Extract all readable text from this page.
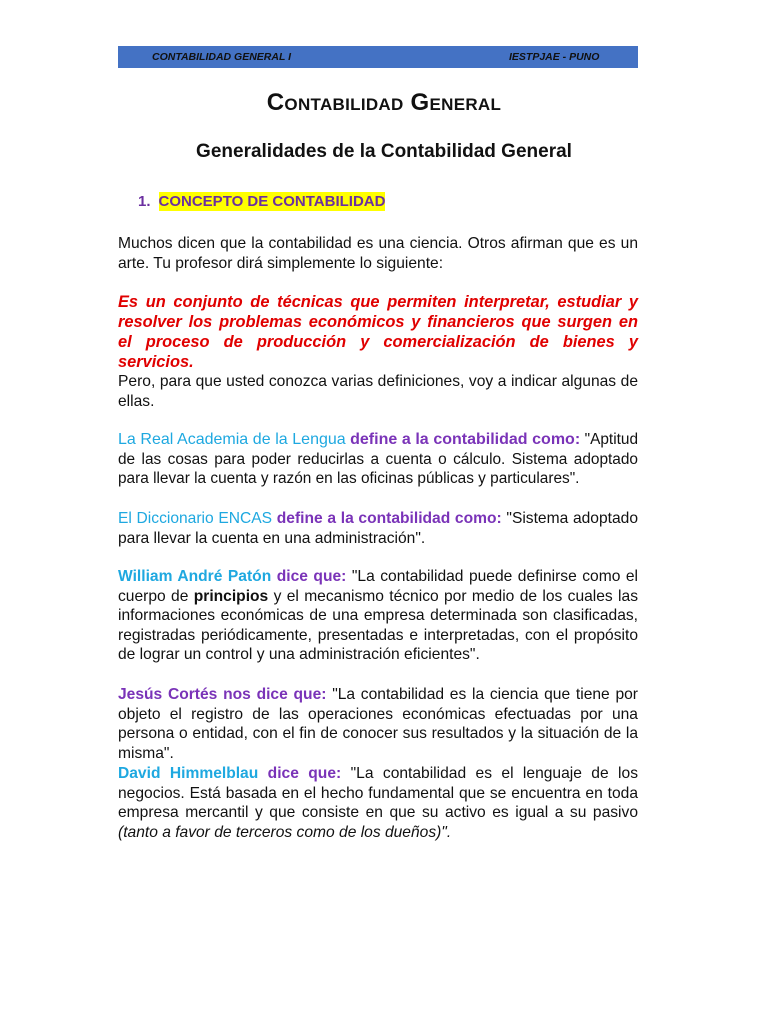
CONTABILIDAD GENERAL I	IESTPJAE - PUNO
Contabilidad General
Generalidades de la Contabilidad General
1. CONCEPTO DE CONTABILIDAD
Muchos dicen que la contabilidad es una ciencia. Otros afirman que es un arte. Tu profesor dirá simplemente lo siguiente:
Es un conjunto de técnicas que permiten interpretar, estudiar y resolver los problemas económicos y financieros que surgen en el proceso de producción y comercialización de bienes y servicios.
Pero, para que usted conozca varias definiciones, voy a indicar algunas de ellas.
La Real Academia de la Lengua define a la contabilidad como: "Aptitud de las cosas para poder reducirlas a cuenta o cálculo. Sistema adoptado para llevar la cuenta y razón en las oficinas públicas y particulares".
El Diccionario ENCAS define a la contabilidad como: "Sistema adoptado para llevar la cuenta en una administración".
William André Patón dice que: "La contabilidad puede definirse como el cuerpo de principios y el mecanismo técnico por medio de los cuales las informaciones económicas de una empresa determinada son clasificadas, registradas periódicamente, presentadas e interpretadas, con el propósito de lograr un control y una administración eficientes".
Jesús Cortés nos dice que: "La contabilidad es la ciencia que tiene por objeto el registro de las operaciones económicas efectuadas por una persona o entidad, con el fin de conocer sus resultados y la situación de la misma".
David Himmelblau dice que: "La contabilidad es el lenguaje de los negocios. Está basada en el hecho fundamental que se encuentra en toda empresa mercantil y que consiste en que su activo es igual a su pasivo (tanto a favor de terceros como de los dueños)".
